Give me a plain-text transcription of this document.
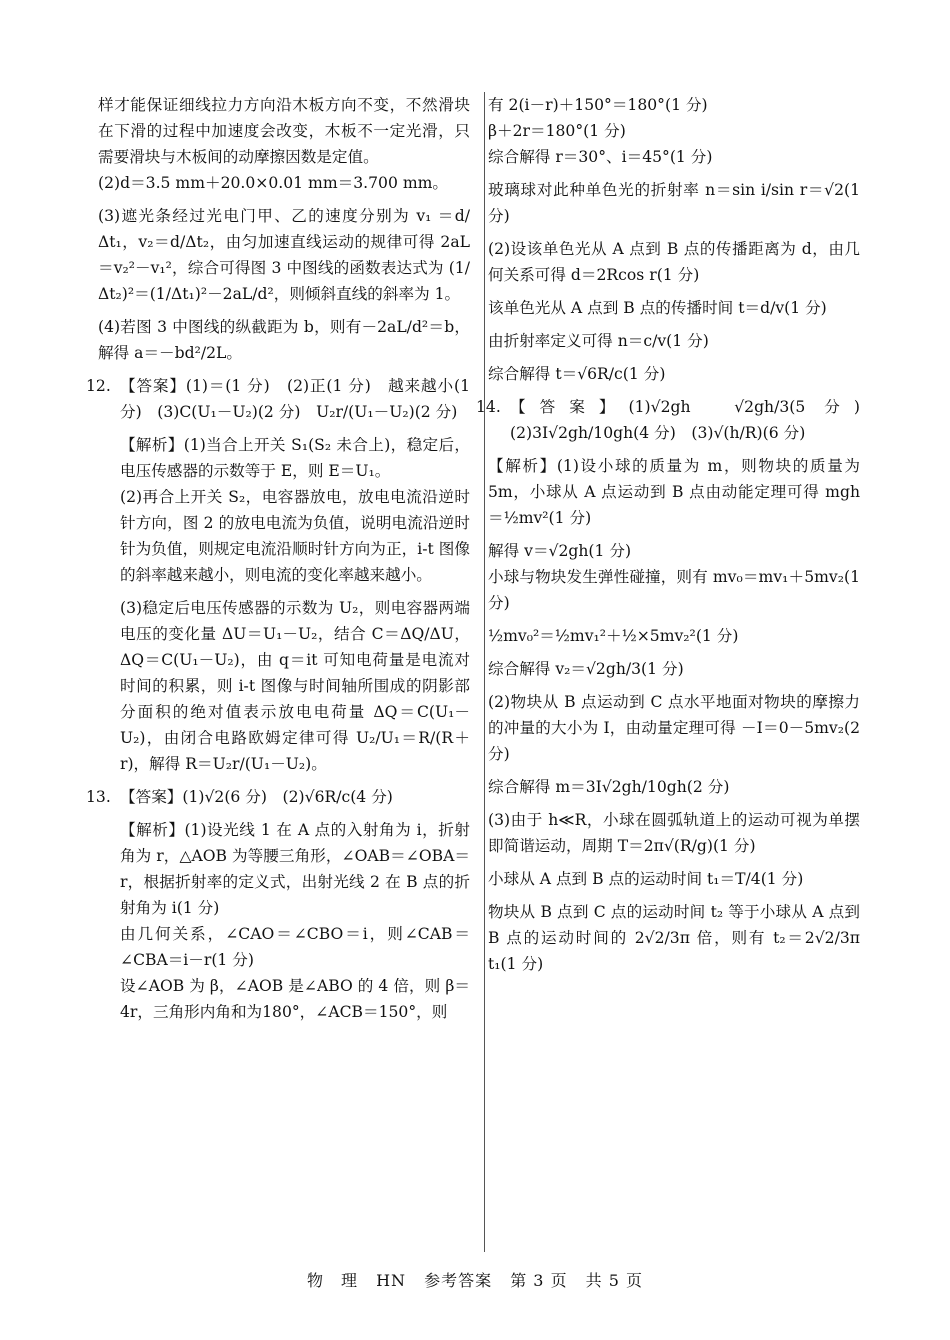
样才能保证细线拉力方向沿木板方向不变，不然滑块在下滑的过程中加速度会改变，木板不一定光滑，只需要滑块与木板间的动摩擦因数是定值。

(2)d＝3.5 mm＋20.0×0.01 mm＝3.700 mm。

(3)遮光条经过光电门甲、乙的速度分别为 v₁ ＝d/Δt₁，v₂＝d/Δt₂，由匀加速直线运动的规律可得 2aL＝v₂²－v₁²，综合可得图 3 中图线的函数表达式为 (1/Δt₂)²＝(1/Δt₁)²－2aL/d²，则倾斜直线的斜率为 1。

(4)若图 3 中图线的纵截距为 b，则有－2aL/d²＝b，解得 a＝－bd²/2L。

12. 【答案】(1)＝(1 分)　(2)正(1 分)　越来越小(1 分)　(3)C(U₁－U₂)(2 分)　U₂r/(U₁－U₂)(2 分)

【解析】(1)当合上开关 S₁(S₂ 未合上)，稳定后，电压传感器的示数等于 E，则 E＝U₁。

(2)再合上开关 S₂，电容器放电，放电电流沿逆时针方向，图 2 的放电电流为负值，说明电流沿逆时针为负值，则规定电流沿顺时针方向为正，i-t 图像的斜率越来越小，则电流的变化率越来越小。

(3)稳定后电压传感器的示数为 U₂，则电容器两端电压的变化量 ΔU＝U₁－U₂，结合 C＝ΔQ/ΔU，ΔQ＝C(U₁－U₂)，由 q＝it 可知电荷量是电流对时间的积累，则 i-t 图像与时间轴所围成的阴影部分面积的绝对值表示放电电荷量 ΔQ＝C(U₁－U₂)，由闭合电路欧姆定律可得 U₂/U₁＝R/(R＋r)，解得 R＝U₂r/(U₁－U₂)。

13. 【答案】(1)√2(6 分)　(2)√6R/c(4 分)

【解析】(1)设光线 1 在 A 点的入射角为 i，折射角为 r，△AOB 为等腰三角形，∠OAB＝∠OBA＝r，根据折射率的定义式，出射光线 2 在 B 点的折射角为 i(1 分)

由几何关系，∠CAO＝∠CBO＝i，则∠CAB＝∠CBA＝i－r(1 分)

设∠AOB 为 β，∠AOB 是∠ABO 的 4 倍，则 β＝4r，三角形内角和为180°，∠ACB＝150°，则

有 2(i－r)＋150°＝180°(1 分)

β＋2r＝180°(1 分)

综合解得 r＝30°、i＝45°(1 分)

玻璃球对此种单色光的折射率 n＝sin i/sin r＝√2(1 分)

(2)设该单色光从 A 点到 B 点的传播距离为 d，由几何关系可得 d＝2Rcos r(1 分)

该单色光从 A 点到 B 点的传播时间 t＝d/v(1 分)

由折射率定义可得 n＝c/v(1 分)

综合解得 t＝√6R/c(1 分)

14. 【答案】(1)√2gh　√2gh/3(5 分)　(2)3I√2gh/10gh(4 分)　(3)√(h/R)(6 分)

【解析】(1)设小球的质量为 m，则物块的质量为 5m，小球从 A 点运动到 B 点由动能定理可得 mgh＝½mv²(1 分)

解得 v＝√2gh(1 分)

小球与物块发生弹性碰撞，则有 mv₀＝mv₁＋5mv₂(1 分)

½mv₀²＝½mv₁²＋½×5mv₂²(1 分)

综合解得 v₂＝√2gh/3(1 分)

(2)物块从 B 点运动到 C 点水平地面对物块的摩擦力的冲量的大小为 I，由动量定理可得 －I＝0－5mv₂(2 分)

综合解得 m＝3I√2gh/10gh(2 分)

(3)由于 h≪R，小球在圆弧轨道上的运动可视为单摆即简谐运动，周期 T＝2π√(R/g)(1 分)

小球从 A 点到 B 点的运动时间 t₁＝T/4(1 分)

物块从 B 点到 C 点的运动时间 t₂ 等于小球从 A 点到 B 点的运动时间的 2√2/3π 倍，则有 t₂＝2√2/3π t₁(1 分)

物　理 HN 参考答案 第 3 页 共 5 页
